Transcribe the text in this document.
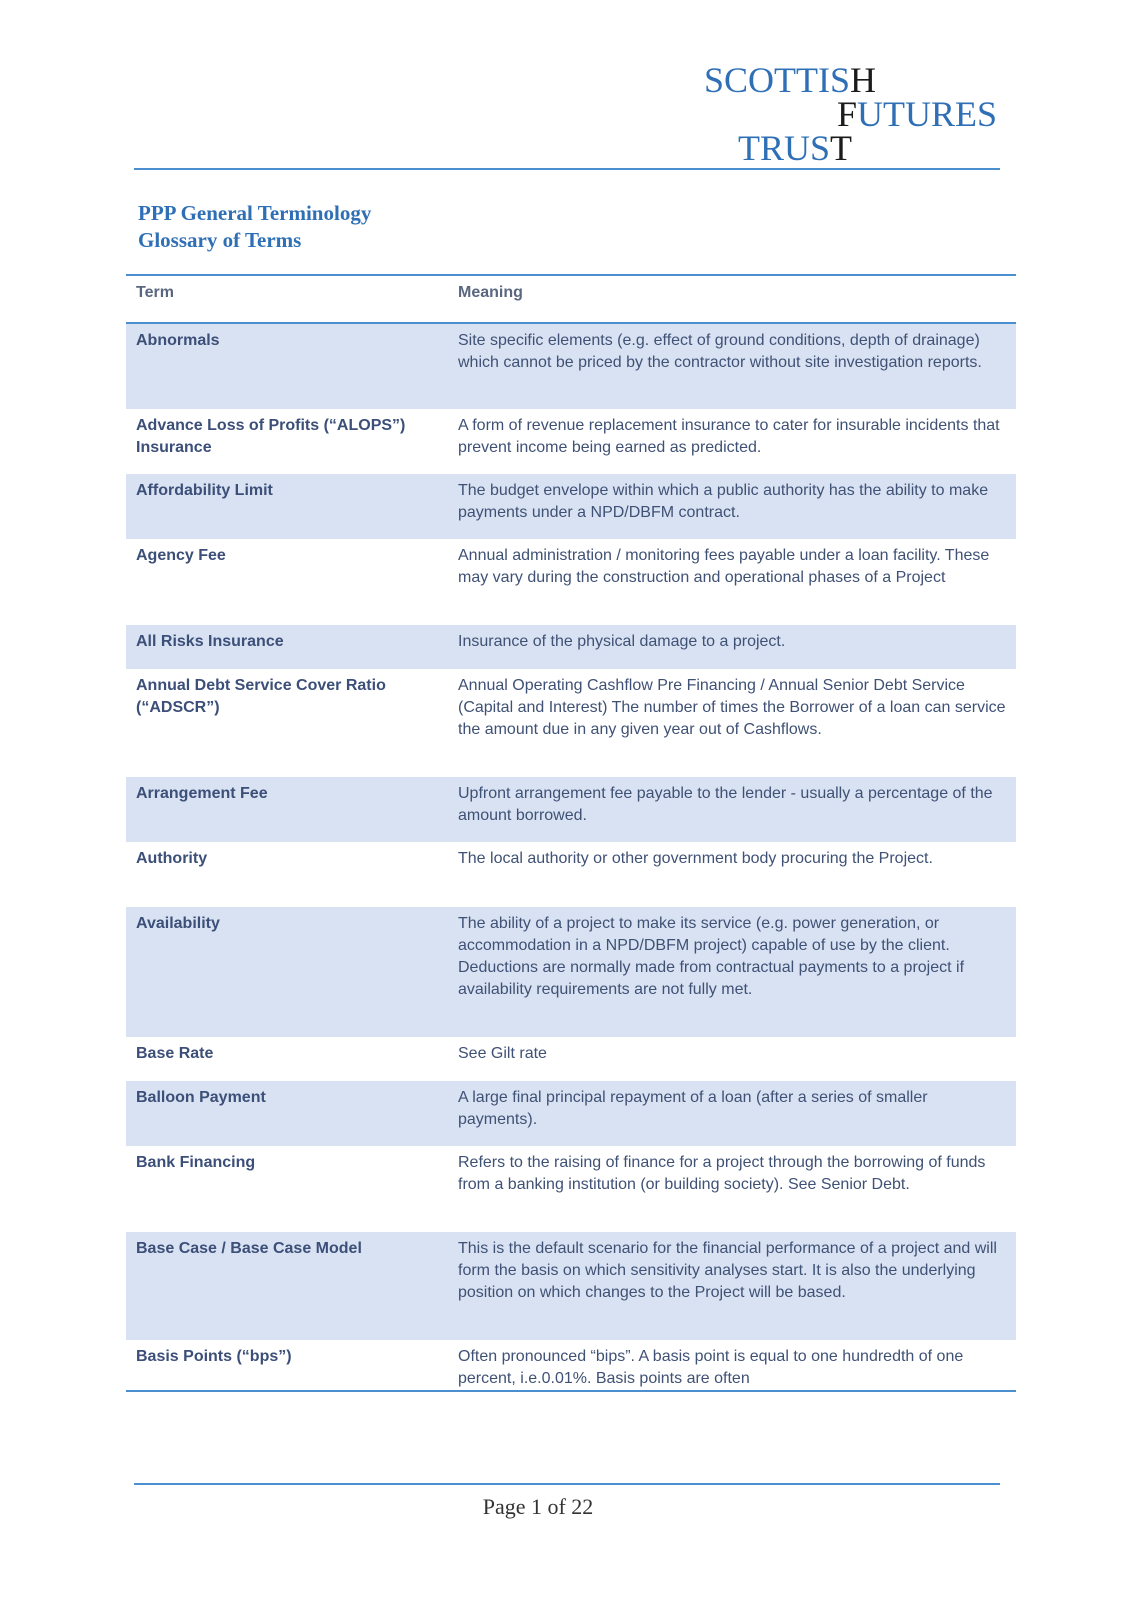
SCOTTISH
FUTURES
TRUST
PPP General Terminology
Glossary of Terms
Term	Meaning
Abnormals	Site specific elements (e.g. effect of ground conditions, depth of drainage) which cannot be priced by the contractor without site investigation reports.
Advance Loss of Profits (“ALOPS”) Insurance	A form of revenue replacement insurance to cater for insurable incidents that prevent income being earned as predicted.
Affordability Limit	The budget envelope within which a public authority has the ability to make payments under a NPD/DBFM contract.
Agency Fee	Annual administration / monitoring fees payable under a loan facility. These may vary during the construction and operational phases of a Project
All Risks Insurance	Insurance of the physical damage to a project.
Annual Debt Service Cover Ratio (“ADSCR”)	Annual Operating Cashflow Pre Financing / Annual Senior Debt Service (Capital and Interest) The number of times the Borrower of a loan can service the amount due in any given year out of Cashflows.
Arrangement Fee	Upfront arrangement fee payable to the lender - usually a percentage of the amount borrowed.
Authority	The local authority or other government body procuring the Project.
Availability	The ability of a project to make its service (e.g. power generation, or accommodation in a NPD/DBFM project) capable of use by the client. Deductions are normally made from contractual payments to a project if availability requirements are not fully met.
Base Rate	See Gilt rate
Balloon Payment	A large final principal repayment of a loan (after a series of smaller payments).
Bank Financing	Refers to the raising of finance for a project through the borrowing of funds from a banking institution (or building society). See Senior Debt.
Base Case / Base Case Model	This is the default scenario for the financial performance of a project and will form the basis on which sensitivity analyses start. It is also the underlying position on which changes to the Project will be based.
Basis Points (“bps”)	Often pronounced “bips”. A basis point is equal to one hundredth of one percent, i.e.0.01%. Basis points are often
Page 1 of 22
